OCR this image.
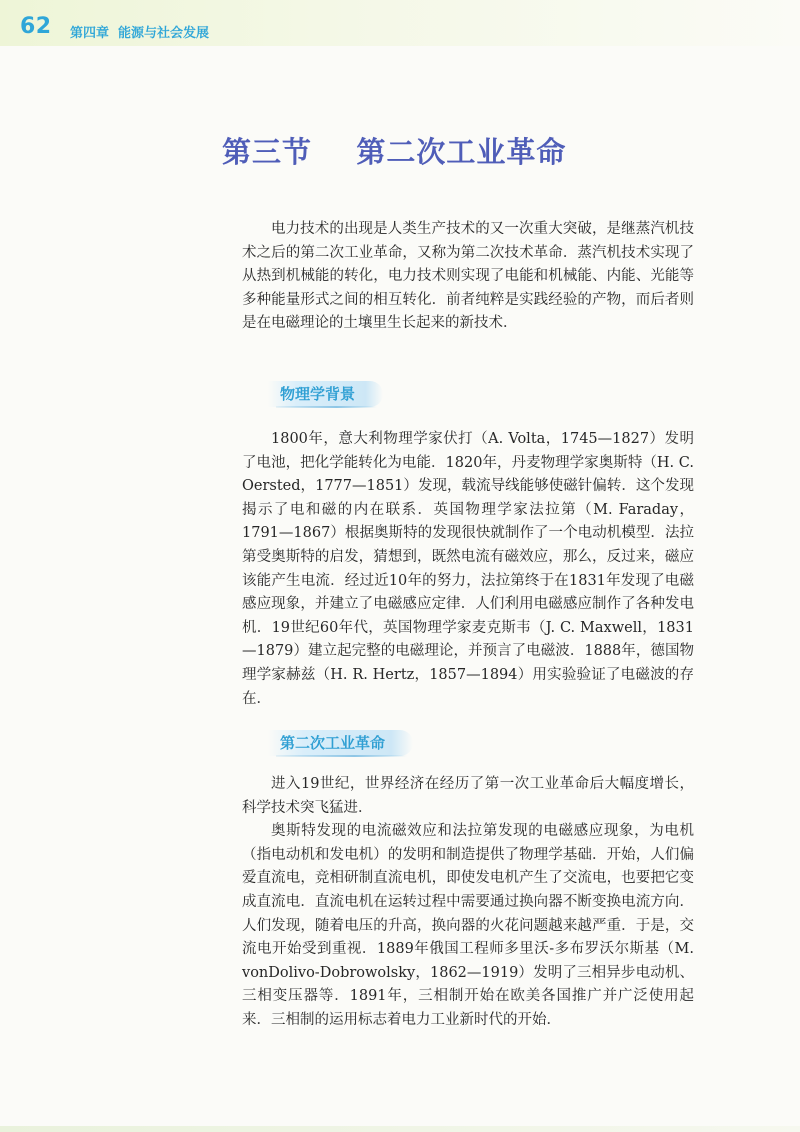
62 第四章  能源与社会发展
第三节    第二次工业革命

电力技术的出现是人类生产技术的又一次重大突破，是继蒸汽机技术之后的第二次工业革命，又称为第二次技术革命．蒸汽机技术实现了从热到机械能的转化，电力技术则实现了电能和机械能、内能、光能等多种能量形式之间的相互转化．前者纯粹是实践经验的产物，而后者则是在电磁理论的土壤里生长起来的新技术．

物理学背景

1800年，意大利物理学家伏打（A. Volta，1745—1827）发明了电池，把化学能转化为电能．1820年，丹麦物理学家奥斯特（H. C. Oersted，1777—1851）发现，载流导线能够使磁针偏转．这个发现揭示了电和磁的内在联系．英国物理学家法拉第（M. Faraday，1791—1867）根据奥斯特的发现很快就制作了一个电动机模型．法拉第受奥斯特的启发，猜想到，既然电流有磁效应，那么，反过来，磁应该能产生电流．经过近10年的努力，法拉第终于在1831年发现了电磁感应现象，并建立了电磁感应定律．人们利用电磁感应制作了各种发电机．19世纪60年代，英国物理学家麦克斯韦（J. C. Maxwell，1831—1879）建立起完整的电磁理论，并预言了电磁波．1888年，德国物理学家赫兹（H. R. Hertz，1857—1894）用实验验证了电磁波的存在．

第二次工业革命

进入19世纪，世界经济在经历了第一次工业革命后大幅度增长，科学技术突飞猛进．

奥斯特发现的电流磁效应和法拉第发现的电磁感应现象，为电机（指电动机和发电机）的发明和制造提供了物理学基础．开始，人们偏爱直流电，竞相研制直流电机，即使发电机产生了交流电，也要把它变成直流电．直流电机在运转过程中需要通过换向器不断变换电流方向．人们发现，随着电压的升高，换向器的火花问题越来越严重．于是，交流电开始受到重视．1889年俄国工程师多里沃-多布罗沃尔斯基（M. vonDolivo-Dobrowolsky，1862—1919）发明了三相异步电动机、三相变压器等．1891年，三相制开始在欧美各国推广并广泛使用起来．三相制的运用标志着电力工业新时代的开始．
